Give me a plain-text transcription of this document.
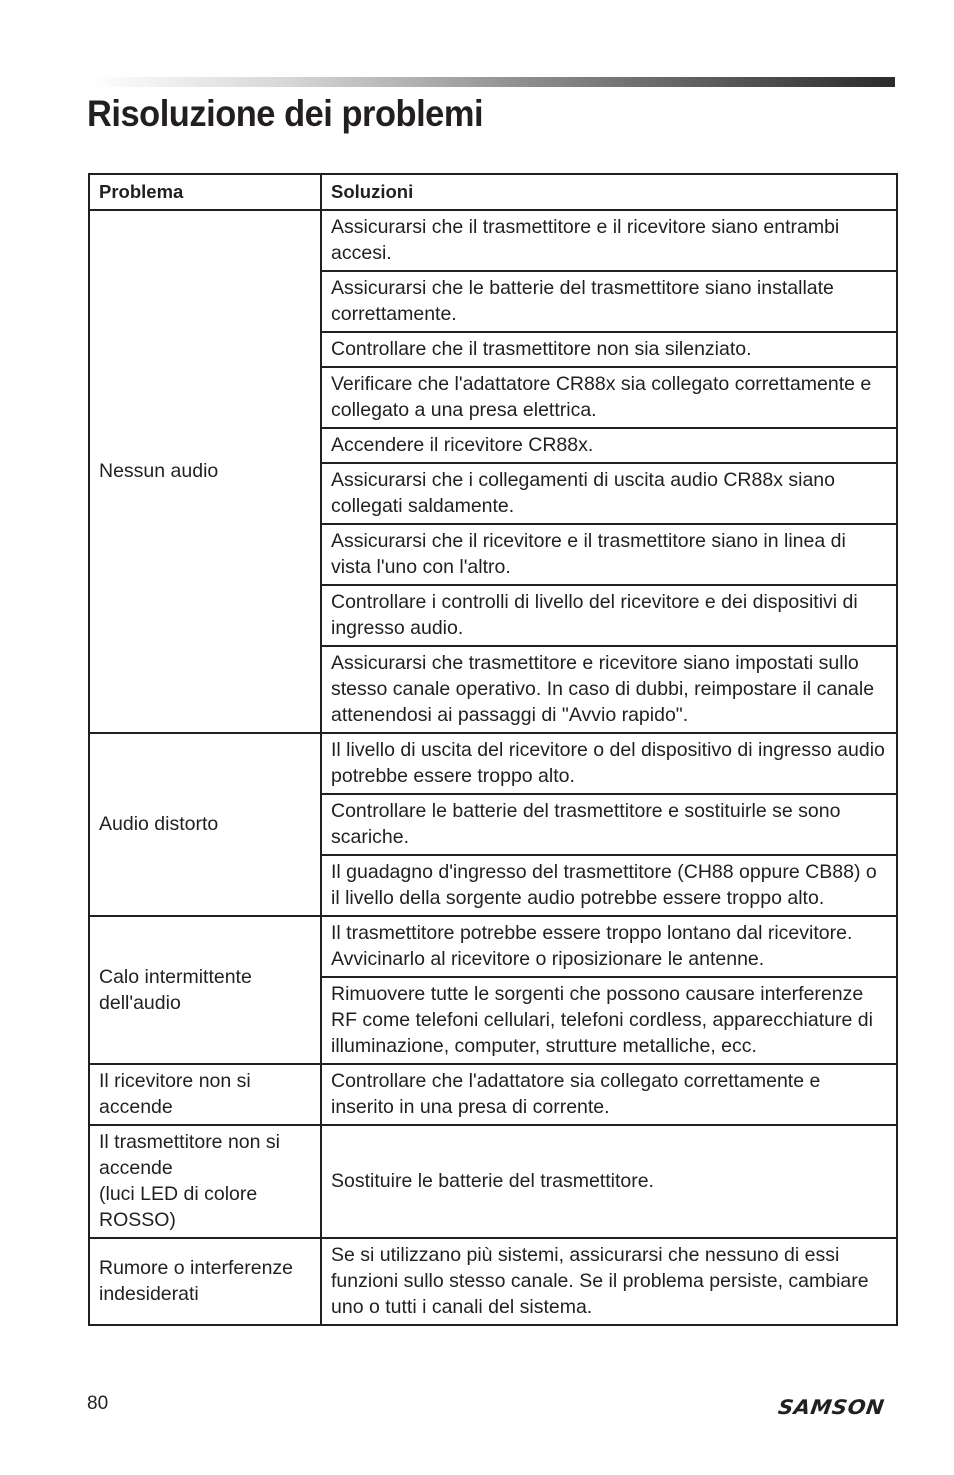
Risoluzione dei problemi
Problema	Soluzioni
Nessun audio	Assicurarsi che il trasmettitore e il ricevitore siano entrambi accesi.
	Assicurarsi che le batterie del trasmettitore siano installate correttamente.
	Controllare che il trasmettitore non sia silenziato.
	Verificare che l'adattatore CR88x sia collegato correttamente e collegato a una presa elettrica.
	Accendere il ricevitore CR88x.
	Assicurarsi che i collegamenti di uscita audio CR88x siano collegati saldamente.
	Assicurarsi che il ricevitore e il trasmettitore siano in linea di vista l'uno con l'altro.
	Controllare i controlli di livello del ricevitore e dei dispositivi di ingresso audio.
	Assicurarsi che trasmettitore e ricevitore siano impostati sullo stesso canale operativo. In caso di dubbi, reimpostare il canale attenendosi ai passaggi di "Avvio rapido".
Audio distorto	Il livello di uscita del ricevitore o del dispositivo di ingresso audio potrebbe essere troppo alto.
	Controllare le batterie del trasmettitore e sostituirle se sono scariche.
	Il guadagno d'ingresso del trasmettitore (CH88 oppure CB88) o il livello della sorgente audio potrebbe essere troppo alto.
Calo intermittente dell'audio	Il trasmettitore potrebbe essere troppo lontano dal ricevitore. Avvicinarlo al ricevitore o riposizionare le antenne.
	Rimuovere tutte le sorgenti che possono causare interferenze RF come telefoni cellulari, telefoni cordless, apparecchiature di illuminazione, computer, strutture metalliche, ecc.
Il ricevitore non si accende	Controllare che l'adattatore sia collegato correttamente e inserito in una presa di corrente.
Il trasmettitore non si accende
(luci LED di colore ROSSO)	Sostituire le batterie del trasmettitore.
Rumore o interferenze indesiderati	Se si utilizzano più sistemi, assicurarsi che nessuno di essi funzioni sullo stesso canale. Se il problema persiste, cambiare uno o tutti i canali del sistema.
80	SAMSON
